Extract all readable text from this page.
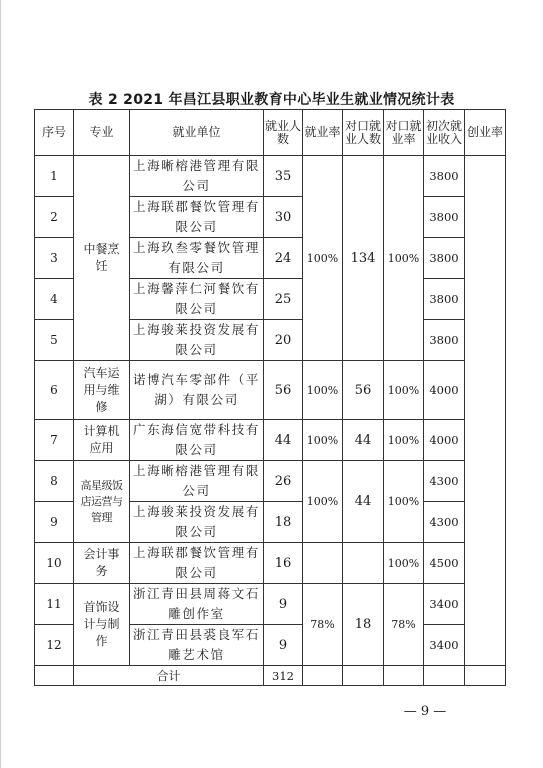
表 2 2021 年昌江县职业教育中心毕业生就业情况统计表
序号	专业	就业单位	就业人数	就业率	对口就业人数	对口就业率	初次就业收入	创业率
1	中餐烹饪	上海晰榕港管理有限公司	35	100%	134	100%	3800	
2		上海联郡餐饮管理有限公司	30				3800	
3		上海玖叁零餐饮管理有限公司	24				3800	
4		上海馨萍仁河餐饮有限公司	25				3800	
5		上海骏莱投资发展有限公司	20				3800	
6	汽车运用与维修	诺博汽车零部件（平湖）有限公司	56	100%	56	100%	4000	
7	计算机应用	广东海信宽带科技有限公司	44	100%	44	100%	4000	
8	高星级饭店运营与管理	上海晰榕港管理有限公司	26	100%	44	100%	4300	
9		上海骏莱投资发展有限公司	18				4300	
10	会计事务	上海联郡餐饮管理有限公司	16			100%	4500	
11	首饰设计与制作	浙江青田县周蒋文石雕创作室	9	78%	18	78%	3400	
12		浙江青田县裘良军石雕艺术馆	9				3400	
	合计		312					
— 9 —
